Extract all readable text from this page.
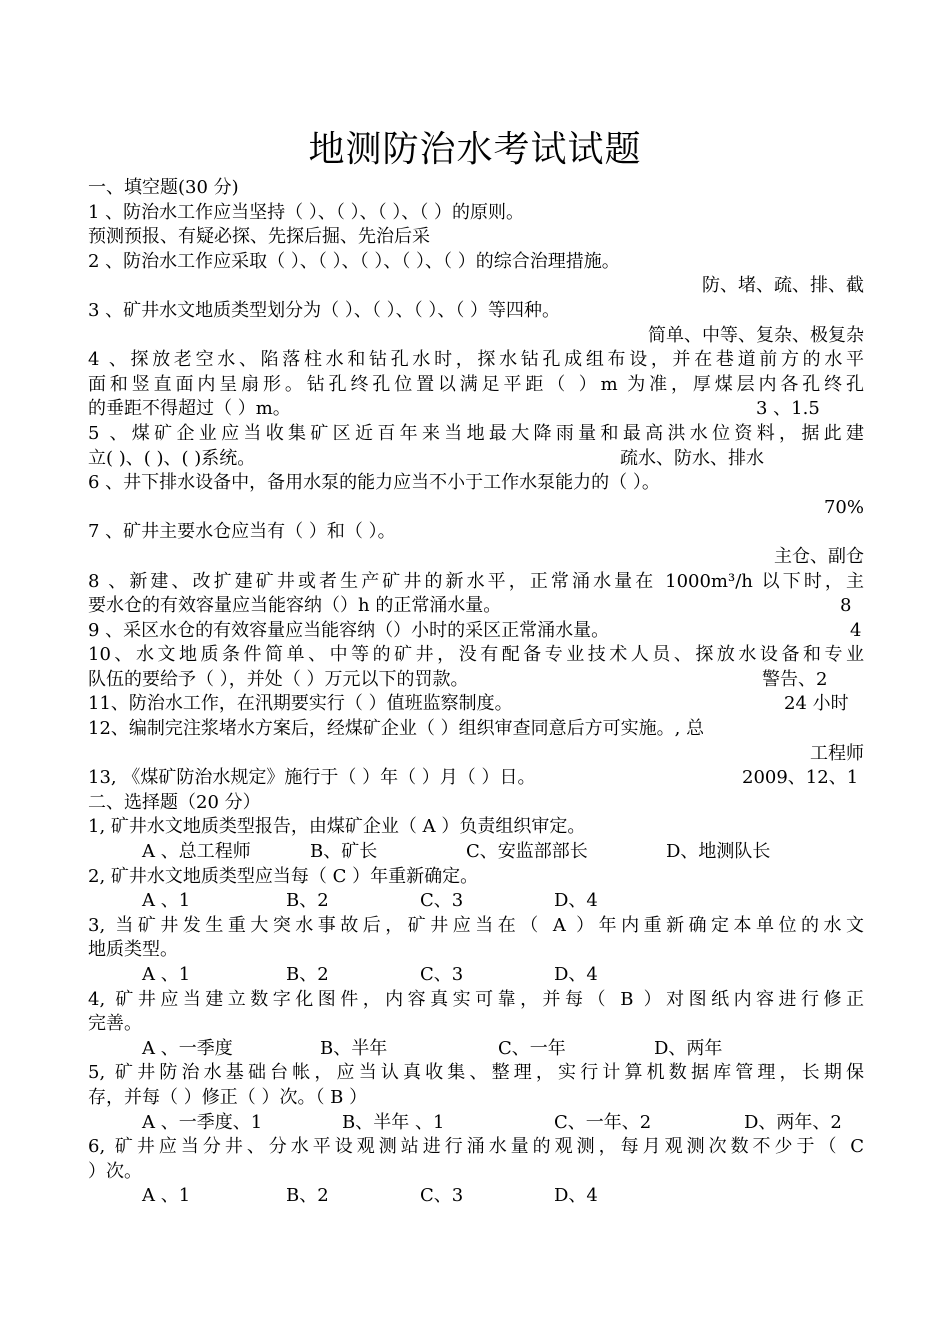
地测防治水考试试题
一、填空题(30 分)
1 、防治水工作应当坚持（ ）、（ ）、（ ）、（ ）的原则。
预测预报、有疑必探、先探后掘、先治后采
2 、防治水工作应采取（ ）、（ ）、（ ）、（ ）、（ ）的综合治理措施。
防、堵、疏、排、截
3 、矿井水文地质类型划分为（ ）、（ ）、（ ）、（ ）等四种。
简单、中等、复杂、极复杂
4 、探放老空水、陷落柱水和钻孔水时，探水钻孔成组布设，并在巷道前方的水平
面和竖直面内呈扇形。钻孔终孔位置以满足平距（ ）m 为准，厚煤层内各孔终孔
的垂距不得超过（ ）m。	3 、1.5
5 、煤矿企业应当收集矿区近百年来当地最大降雨量和最高洪水位资料，据此建
立( )、( )、( )系统。	疏水、防水、排水
6 、井下排水设备中，备用水泵的能力应当不小于工作水泵能力的（ ）。
70%
7 、矿井主要水仓应当有（ ）和（ ）。
主仓、副仓
8 、新建、改扩建矿井或者生产矿井的新水平，正常涌水量在 1000m³/h 以下时，主
要水仓的有效容量应当能容纳（）h 的正常涌水量。	8
9 、采区水仓的有效容量应当能容纳（）小时的采区正常涌水量。	4
10、水文地质条件简单、中等的矿井，没有配备专业技术人员、探放水设备和专业
队伍的要给予（ ），并处（ ）万元以下的罚款。	警告、2
11、防治水工作，在汛期要实行（ ）值班监察制度。	24 小时
12、编制完注浆堵水方案后，经煤矿企业（ ）组织审查同意后方可实施。, 总
工程师
13, 《煤矿防治水规定》施行于（ ）年（ ）月（ ）日。	2009、12、1
二、选择题（20 分）
1, 矿井水文地质类型报告，由煤矿企业（ A ）负责组织审定。
A 、总工程师	B、矿长	C、安监部部长	D、地测队长
2, 矿井水文地质类型应当每（ C ）年重新确定。
A 、1	B、2	C、3	D、4
3, 当矿井发生重大突水事故后，矿井应当在（ A ）年内重新确定本单位的水文
地质类型。
A 、1	B、2	C、3	D、4
4, 矿井应当建立数字化图件，内容真实可靠，并每（ B ）对图纸内容进行修正
完善。
A 、一季度	B、半年	C、一年	D、两年
5, 矿井防治水基础台帐，应当认真收集、整理，实行计算机数据库管理，长期保
存，并每（ ）修正（ ）次。（ B ）
A 、一季度、1	B、半年 、1	C、一年、2	D、两年、2
6, 矿井应当分井、分水平设观测站进行涌水量的观测，每月观测次数不少于（ C
）次。
A 、1	B、2	C、3	D、4
